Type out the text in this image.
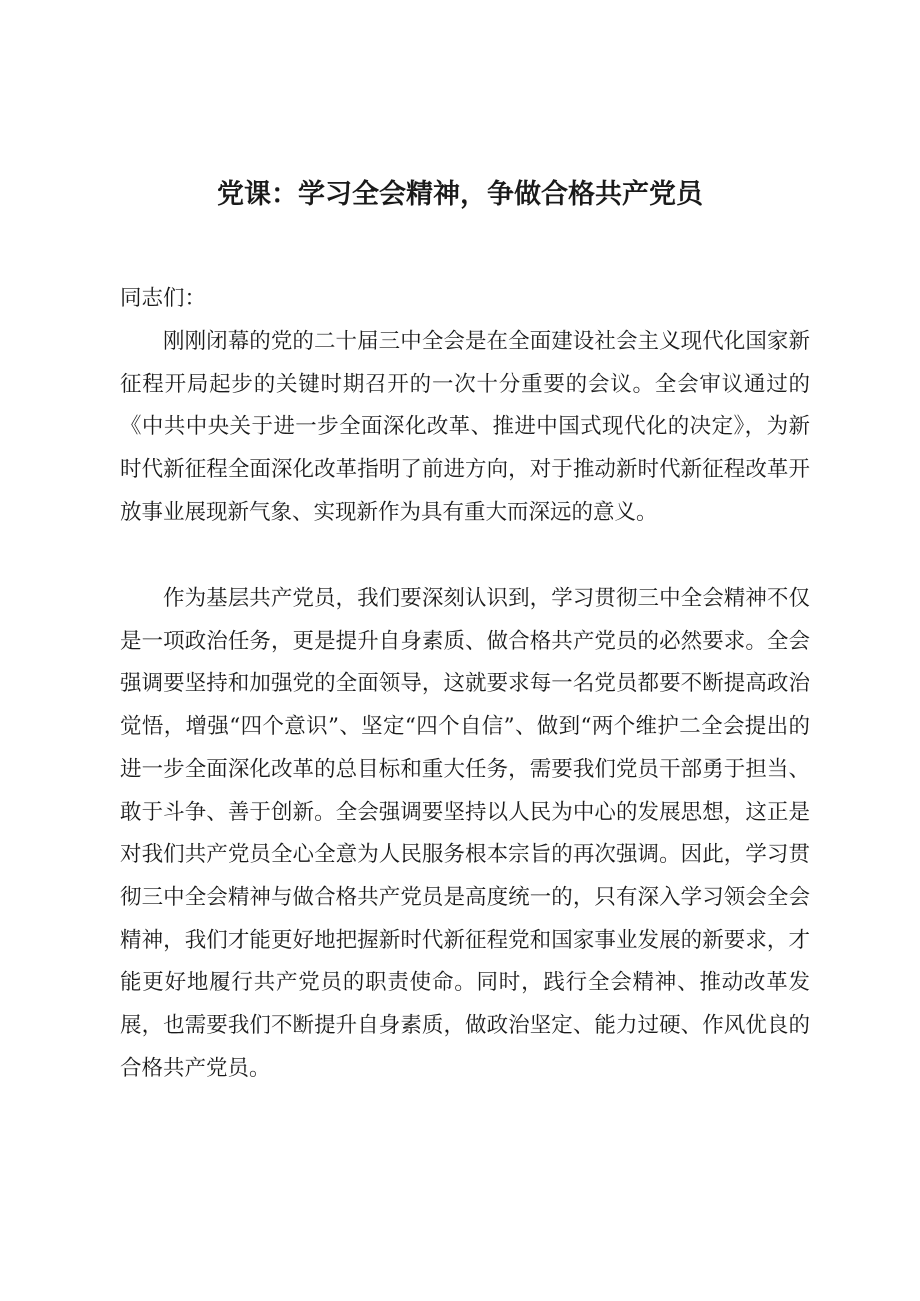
党课：学习全会精神，争做合格共产党员

同志们：

刚刚闭幕的党的二十届三中全会是在全面建设社会主义现代化国家新征程开局起步的关键时期召开的一次十分重要的会议。全会审议通过的《中共中央关于进一步全面深化改革、推进中国式现代化的决定》，为新时代新征程全面深化改革指明了前进方向，对于推动新时代新征程改革开放事业展现新气象、实现新作为具有重大而深远的意义。

作为基层共产党员，我们要深刻认识到，学习贯彻三中全会精神不仅是一项政治任务，更是提升自身素质、做合格共产党员的必然要求。全会强调要坚持和加强党的全面领导，这就要求每一名党员都要不断提高政治觉悟，增强“四个意识”、坚定“四个自信”、做到“两个维护二全会提出的进一步全面深化改革的总目标和重大任务，需要我们党员干部勇于担当、敢于斗争、善于创新。全会强调要坚持以人民为中心的发展思想，这正是对我们共产党员全心全意为人民服务根本宗旨的再次强调。因此，学习贯彻三中全会精神与做合格共产党员是高度统一的，只有深入学习领会全会精神，我们才能更好地把握新时代新征程党和国家事业发展的新要求，才能更好地履行共产党员的职责使命。同时，践行全会精神、推动改革发展，也需要我们不断提升自身素质，做政治坚定、能力过硬、作风优良的合格共产党员。
